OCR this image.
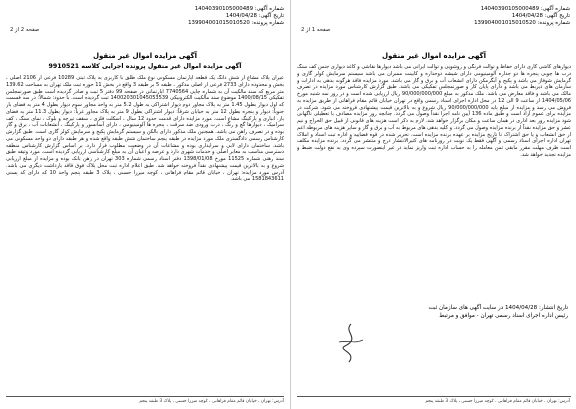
شماره آگهی: 14040390105000489
تاریخ آگهی: 1404/04/28
شماره پرونده: 139904001015010520
صفحه 2 از 2
آگهی مزایده اموال غیر منقول
آگهی مزایده اموال غیر منقول پرونده اجرایی کلاسه 9910521
عیران پلاک مشاع از شش دانگ یک قطعه آپارتمان مسکونی نوع ملک طلق با کاربری به پلاک ثبتی 10289 فرعی از 2106 اصلی ، بخش و محدوده دارای 2733 فرعی از اصلی مذکور ، طبقه 5 بر طبقه 3 واقع در بخش 11 حوزه ثبت ملک تهران به مساحت 139.62 متر مربع که سند مالکیت آن به شماره چاپی 7740564 اپارتمانی در صفحه 99 دفتر 5 ثبت و صادر گردیده است طبق صورتمجلس تفکیکی 1400/08/15 موضوع سند مالکیت الکترونیکی 140020301045053539 ثبت گردیده است. با حدود: شمالاً: در سه قسمت که اول دیوار بطول 1.45 متر به پلاک مجاور دوم دیوار اشتراکی به طول 5.2 متر به واحد مجاور سوم دیوار بطول 4 متر به فضای باز جنوباً: دیوار و پنجره بطول 12 متر به خیابان شرقاً: دیوار اشتراکی بطول 9 متر به پلاک مجاور غرباً: دیوار بطول 11.3 متر به فضای باز. انباری و پارکینگ مشاع است. مورد مزایده دارای قدمت حدود 12 سال ، اسکلت فلزی ، سقف تیرچه و بلوک ، نمای سنگ ، کف سرامیک ، دیوارها گچ و رنگ ، درب ورودی ضد سرقت ، پنجره ها آلومینیومی ، دارای آسانسور و پارکینگ ، انشعابات آب ، برق و گاز بوده و در تصرف راهن می باشد. همچنین ملک مذکور دارای بالکن و سیستم گرمایش پکیج و سرمایش کولر گازی است. طبق گزارش کارشناس رسمی دادگستری ملک مورد مزایده در طبقه پنجم ساختمان شش طبقه واقع شده و هر طبقه دارای دو واحد مسکونی می باشد. ساختمان دارای لابی و سرایداری بوده و مشاعات آن در وضعیت مطلوب قرار دارد. بر اساس گزارش کارشناس منطقه دسترسی مناسب به معابر اصلی و خدمات شهری دارد و عرصه و اعیان آن به مبلغ کارشناسی ارزیابی گردیده است. مورد وثیقه طبق سند رهنی شماره 11525 مورخ 1398/01/08 دفتر اسناد رسمی شماره 303 تهران در رهن بانک بوده و مزایده از مبلغ ارزیابی شروع و به بالاترین قیمت پیشنهادی نقداً فروخته خواهد شد. طبق اعلام اداره ثبت محل پلاک فوق فاقد بازداشت دیگری می باشد. آدرس مورد مزایده: تهران ، خیابان قائم مقام فراهانی ، کوچه میرزا حسنی ، پلاک 3 طبقه پنجم واحد 10 که دارای کد پستی 1581843611 می باشد.
آدرس: تهران ، خیابان قائم مقام فراهانی ، کوچه میرزا حسنی ، پلاک 3 طبقه پنجم
شماره آگهی: 14040390105000489
تاریخ آگهی: 1404/04/28
شماره پرونده: 139904001015010520
صفحه 1 از 2
آگهی مزایده اموال غیر منقول
دیوارهای کاشی کاری دارای حفاظ و توالت فرنگی و روشویی و توالت ایرانی می باشد دیوارها نقاشی و کاغذ دیواری جنس کف سنگ درب ها چوبی پنجره ها دو جداره آلومینیومی دارای شیشه دوجداره و کابینت ممبران می باشد سیستم سرمایش کولر گازی و گرمایش شوفاژ می باشد و پکیج و آبگرمکن دارای انشعاب آب و برق و گاز می باشد. مورد مزایده فاقد هرگونه بدهی به ادارات و سازمان های ذیربط می باشد و دارای پایان کار و صورتمجلس تفکیکی می باشد. طبق گزارش کارشناس مورد مزایده در تصرف مالک می باشد و فاقد معارض می باشد. ملک مذکور به مبلغ 90/000/000/000 ریال ارزیابی شده است و در روز سه شنبه مورخ 1404/05/06 از ساعت 9 الی 12 در محل اداره اجرای اسناد رسمی واقع در تهران خیابان قائم مقام فراهانی از طریق مزایده به فروش می رسد و مزایده از مبلغ پایه 90/000/000/000 ریال شروع و به بالاترین قیمت پیشنهادی فروخته می شود. شرکت در مزایده برای عموم آزاد است و طبق ماده 136 آیین نامه اجرا نقداً وصول می گردد. چنانچه روز مزایده مصادف با تعطیلی ناگهانی شود مزایده روز بعد اداری در همان ساعت و مکان برگزار خواهد شد. لازم به ذکر است هزینه های قانونی از قبیل حق الحراج و نیم عشر و حق مزایده نقداً از برنده مزایده وصول می گردد. و کلیه بدهی های مربوط به آب و برق و گاز و سایر هزینه های مربوطه اعم از حق انشعاب و یا حق اشتراک تا تاریخ مزایده بر عهده برنده مزایده است. تحریر شده در قوه قضاییه و اداره ثبت اسناد و املاک تهران اداره اجرای اسناد رسمی و آگهی فقط یک نوبت در روزنامه های کثیرالانتشار درج و منتشر می گردد. برنده مزایده مکلف است ظرف مهلت مقرر مابقی ثمن معامله را به حساب اداره ثبت واریز نماید در غیر اینصورت سپرده وی به نفع دولت ضبط و مزایده تجدید خواهد شد.
تاریخ انتشار: 1404/04/28 در سایت آگهی های سازمان ثبت
رئیس اداره اجرای اسناد رسمی تهران - موافق و مرتبط
آدرس: تهران ، خیابان قائم مقام فراهانی ، کوچه میرزا حسنی ، پلاک 3 طبقه پنجم
